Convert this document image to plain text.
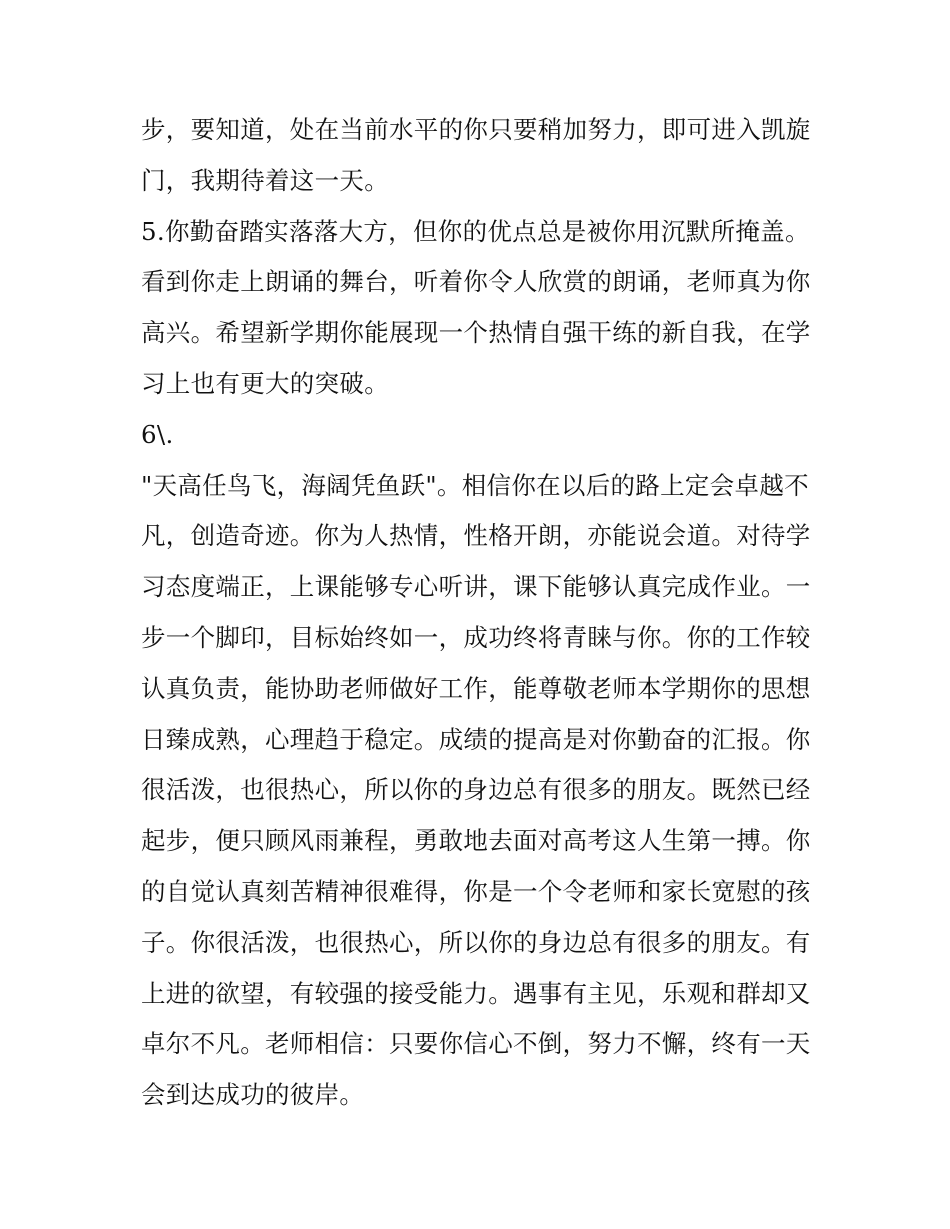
步，要知道，处在当前水平的你只要稍加努力，即可进入凯旋
门，我期待着这一天。
5.你勤奋踏实落落大方，但你的优点总是被你用沉默所掩盖。
看到你走上朗诵的舞台，听着你令人欣赏的朗诵，老师真为你
高兴。希望新学期你能展现一个热情自强干练的新自我，在学
习上也有更大的突破。
6\.
"天高任鸟飞，海阔凭鱼跃"。相信你在以后的路上定会卓越不
凡，创造奇迹。你为人热情，性格开朗，亦能说会道。对待学
习态度端正，上课能够专心听讲，课下能够认真完成作业。一
步一个脚印，目标始终如一，成功终将青睐与你。你的工作较
认真负责，能协助老师做好工作，能尊敬老师本学期你的思想
日臻成熟，心理趋于稳定。成绩的提高是对你勤奋的汇报。你
很活泼，也很热心，所以你的身边总有很多的朋友。既然已经
起步，便只顾风雨兼程，勇敢地去面对高考这人生第一搏。你
的自觉认真刻苦精神很难得，你是一个令老师和家长宽慰的孩
子。你很活泼，也很热心，所以你的身边总有很多的朋友。有
上进的欲望，有较强的接受能力。遇事有主见，乐观和群却又
卓尔不凡。老师相信：只要你信心不倒，努力不懈，终有一天
会到达成功的彼岸。
